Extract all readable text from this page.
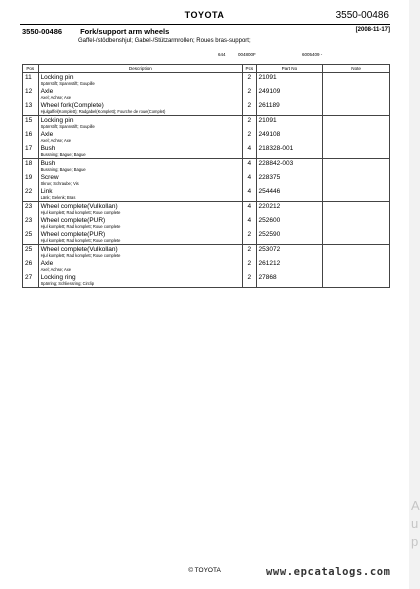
TOYOTA	3550-00486
3550-00486 Fork/support arm wheels	[2008-11-17]
Gaffel-/stödbenshjul; Gabel-/Stützarmrollen; Roues bras-support;
644	004800F	6005409 -
Pos	Description	Pcs	Part No	Note
11	Locking pin
Spärrstift; Spannstift; Goupille	2	21091	
12	Axle
Axel; Achse; Axe	2	249109	
13	Wheel fork(Complete)
Hjulgaffel(Komplett); Radgabel(Komplett); Fourche de roue(Complet)	2	261189	
15	Locking pin
Spärrstift; Spannstift; Goupille	2	21091	
16	Axle
Axel; Achse; Axe	2	249108	
17	Bush
Bussning; Bague; Bague	4	218328-001	
18	Bush
Bussning; Bague; Bague	4	228842-003	
19	Screw
Skruv; Schraube; Vis	4	228375	
22	Link
Länk; Gelenk; Bras	4	254446	
23	Wheel complete(Vulkollan)
Hjul komplett; Rad komplett; Roue complete	4	220212	
23	Wheel complete(PUR)
Hjul komplett; Rad komplett; Roue complete	4	252600	
25	Wheel complete(PUR)
Hjul komplett; Rad komplett; Roue complete	2	252590	
25	Wheel complete(Vulkollan)
Hjul komplett; Rad komplett; Roue complete	2	253072	
26	Axle
Axel; Achse; Axe	2	261212	
27	Locking ring
Spärring; Schliessring; Circlip	2	27868	
© TOYOTA	www.epcatalogs.com
A
u
p
